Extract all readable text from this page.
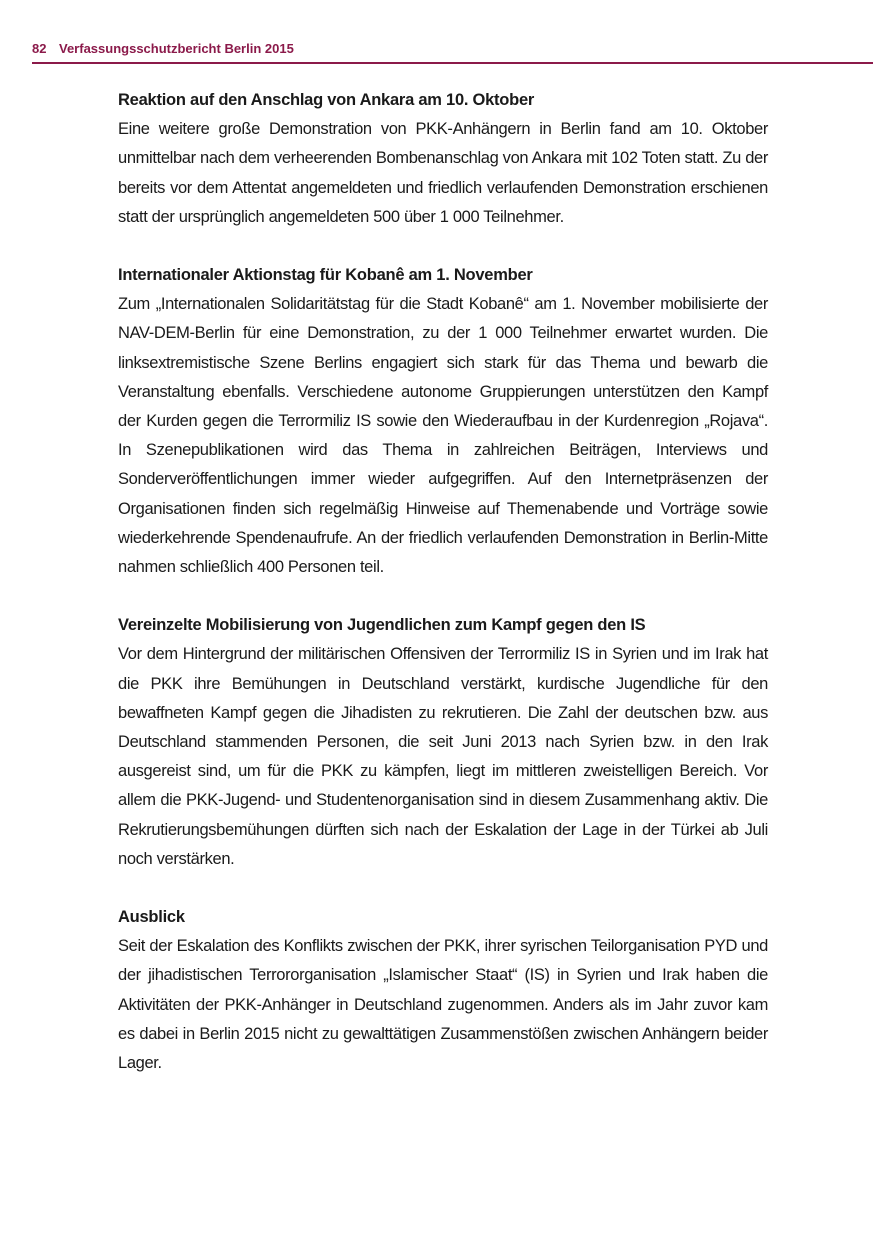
82 Verfassungsschutzbericht Berlin 2015
Reaktion auf den Anschlag von Ankara am 10. Oktober

Eine weitere große Demonstration von PKK-Anhängern in Berlin fand am 10. Oktober unmittelbar nach dem verheerenden Bombenanschlag von Ankara mit 102 Toten statt. Zu der bereits vor dem Attentat angemeldeten und friedlich verlaufenden Demonstration erschienen statt der ursprünglich angemeldeten 500 über 1 000 Teilnehmer.

Internationaler Aktionstag für Kobanê am 1. November

Zum „Internationalen Solidaritätstag für die Stadt Kobanê“ am 1. November mobilisierte der NAV-DEM-Berlin für eine Demonstration, zu der 1 000 Teilnehmer erwartet wurden. Die linksextremistische Szene Berlins engagiert sich stark für das Thema und bewarb die Veranstaltung ebenfalls. Verschiedene autonome Gruppierungen unterstützen den Kampf der Kurden gegen die Terrormiliz IS sowie den Wiederaufbau in der Kurdenregion „Rojava“. In Szenepublikationen wird das Thema in zahlreichen Beiträgen, Interviews und Sonderveröffentlichungen immer wieder aufgegriffen. Auf den Internetpräsenzen der Organisationen finden sich regelmäßig Hinweise auf Themenabende und Vorträge sowie wiederkehrende Spendenaufrufe. An der friedlich verlaufenden Demonstration in Berlin-Mitte nahmen schließlich 400 Personen teil.

Vereinzelte Mobilisierung von Jugendlichen zum Kampf gegen den IS

Vor dem Hintergrund der militärischen Offensiven der Terrormiliz IS in Syrien und im Irak hat die PKK ihre Bemühungen in Deutschland verstärkt, kurdische Jugendliche für den bewaffneten Kampf gegen die Jihadisten zu rekrutieren. Die Zahl der deutschen bzw. aus Deutschland stammenden Personen, die seit Juni 2013 nach Syrien bzw. in den Irak ausgereist sind, um für die PKK zu kämpfen, liegt im mittleren zweistelligen Bereich. Vor allem die PKK-Jugend- und Studentenorganisation sind in diesem Zusammenhang aktiv. Die Rekrutierungsbemühungen dürften sich nach der Eskalation der Lage in der Türkei ab Juli noch verstärken.

Ausblick

Seit der Eskalation des Konflikts zwischen der PKK, ihrer syrischen Teilorganisation PYD und der jihadistischen Terrororganisation „Islamischer Staat“ (IS) in Syrien und Irak haben die Aktivitäten der PKK-Anhänger in Deutschland zugenommen. Anders als im Jahr zuvor kam es dabei in Berlin 2015 nicht zu gewalttätigen Zusammenstößen zwischen Anhängern beider Lager.
